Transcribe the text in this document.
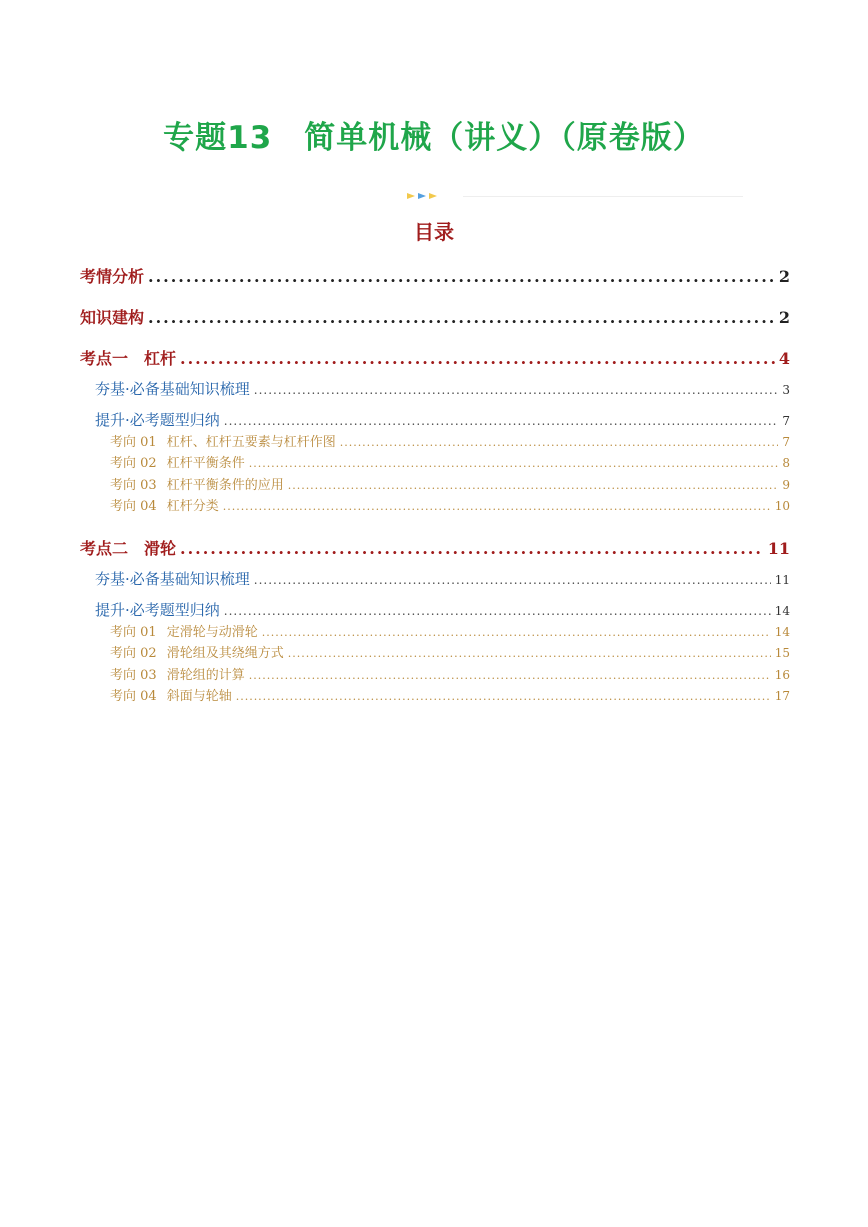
专题13　简单机械（讲义）（原卷版）
目录
考情分析 .....	2
知识建构 .....	2
考点一　杠杆 .....	4
夯基·必备基础知识梳理 .....	3
提升·必考题型归纳 .....	7
考向 01 杠杆、杠杆五要素与杠杆作图 .....	7
考向 02 杠杆平衡条件 .....	8
考向 03 杠杆平衡条件的应用 .....	9
考向 04 杠杆分类 .....	10
考点二　滑轮 .....	11
夯基·必备基础知识梳理 .....	11
提升·必考题型归纳 .....	14
考向 01 定滑轮与动滑轮 .....	14
考向 02 滑轮组及其绕绳方式 .....	15
考向 03 滑轮组的计算 .....	16
考向 04 斜面与轮轴 .....	17
